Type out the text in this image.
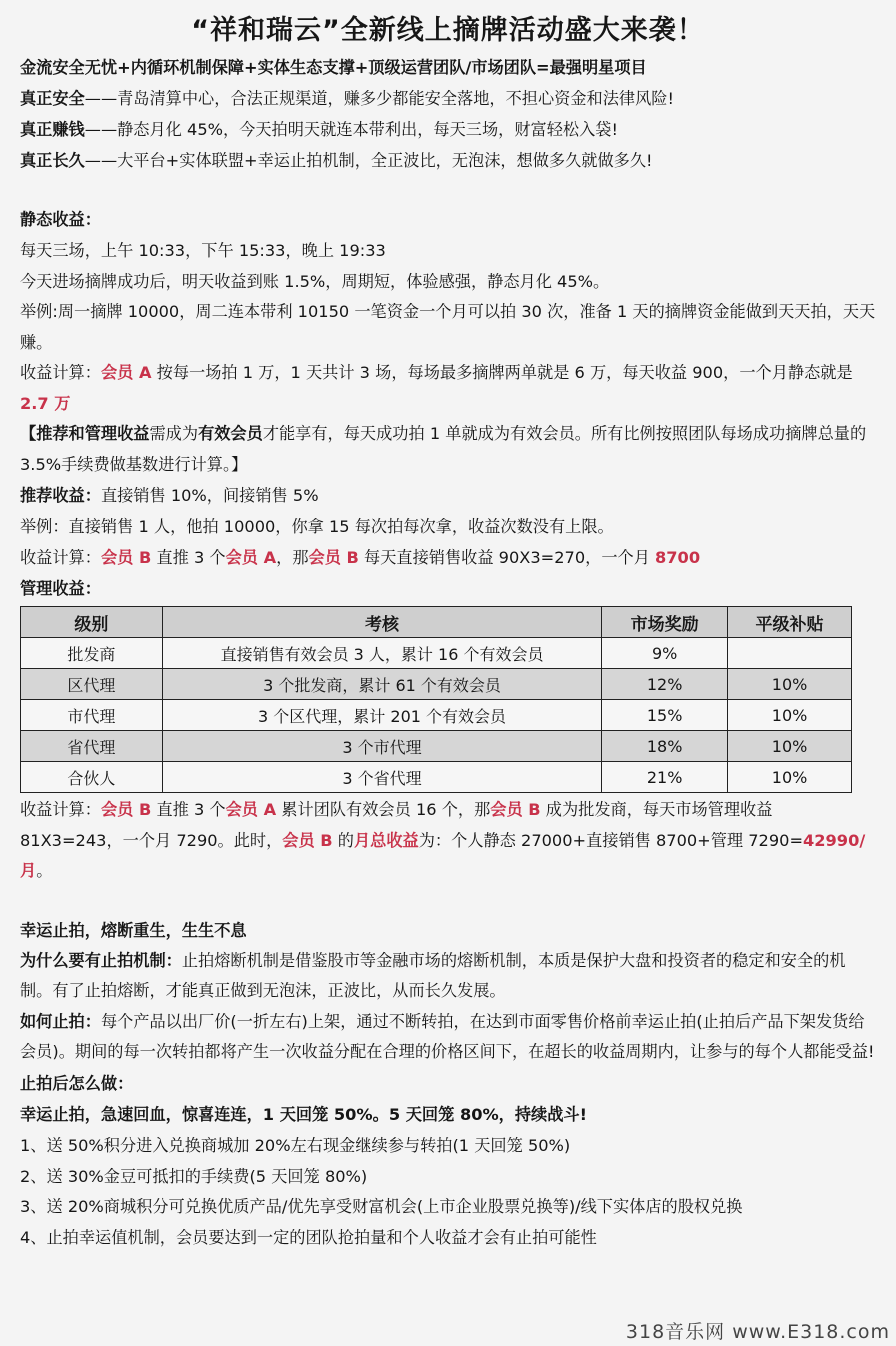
“祥和瑞云”全新线上摘牌活动盛大来袭！
金流安全无忧+内循环机制保障+实体生态支撑+顶级运营团队/市场团队=最强明星项目
真正安全——青岛清算中心，合法正规渠道，赚多少都能安全落地，不担心资金和法律风险!
真正赚钱——静态月化 45%，今天拍明天就连本带利出，每天三场，财富轻松入袋!
真正长久——大平台+实体联盟+幸运止拍机制，全正波比，无泡沫，想做多久就做多久!
静态收益：
每天三场，上午 10:33，下午 15:33，晚上 19:33
今天进场摘牌成功后，明天收益到账 1.5%，周期短，体验感强，静态月化 45%。
举例:周一摘牌 10000，周二连本带利 10150 一笔资金一个月可以拍 30 次，准备 1 天的摘牌资金能做到天天拍，天天赚。
收益计算：会员 A 按每一场拍 1 万，1 天共计 3 场，每场最多摘牌两单就是 6 万，每天收益 900，一个月静态就是 2.7 万
【推荐和管理收益需成为有效会员才能享有，每天成功拍 1 单就成为有效会员。所有比例按照团队每场成功摘牌总量的 3.5%手续费做基数进行计算。】
推荐收益：直接销售 10%，间接销售 5%
举例：直接销售 1 人，他拍 10000，你拿 15 每次拍每次拿，收益次数没有上限。
收益计算：会员 B 直推 3 个会员 A，那会员 B 每天直接销售收益 90X3=270，一个月 8700
管理收益：
级别	考核	市场奖励	平级补贴
批发商	直接销售有效会员 3 人，累计 16 个有效会员	9%	
区代理	3 个批发商，累计 61 个有效会员	12%	10%
市代理	3 个区代理，累计 201 个有效会员	15%	10%
省代理	3 个市代理	18%	10%
合伙人	3 个省代理	21%	10%
收益计算：会员 B 直推 3 个会员 A 累计团队有效会员 16 个，那会员 B 成为批发商，每天市场管理收益 81X3=243，一个月 7290。此时，会员 B 的月总收益为：个人静态 27000+直接销售 8700+管理 7290=42990/月。
幸运止拍，熔断重生，生生不息
为什么要有止拍机制：止拍熔断机制是借鉴股市等金融市场的熔断机制，本质是保护大盘和投资者的稳定和安全的机制。有了止拍熔断，才能真正做到无泡沫，正波比，从而长久发展。
如何止拍：每个产品以出厂价(一折左右)上架，通过不断转拍，在达到市面零售价格前幸运止拍(止拍后产品下架发货给会员)。期间的每一次转拍都将产生一次收益分配在合理的价格区间下，在超长的收益周期内，让参与的每个人都能受益!
止拍后怎么做：
幸运止拍，急速回血，惊喜连连，1 天回笼 50%。5 天回笼 80%，持续战斗!
1、送 50%积分进入兑换商城加 20%左右现金继续参与转拍(1 天回笼 50%)
2、送 30%金豆可抵扣的手续费(5 天回笼 80%)
3、送 20%商城积分可兑换优质产品/优先享受财富机会(上市企业股票兑换等)/线下实体店的股权兑换
4、止拍幸运值机制，会员要达到一定的团队抢拍量和个人收益才会有止拍可能性
318音乐网 www.E318.com
